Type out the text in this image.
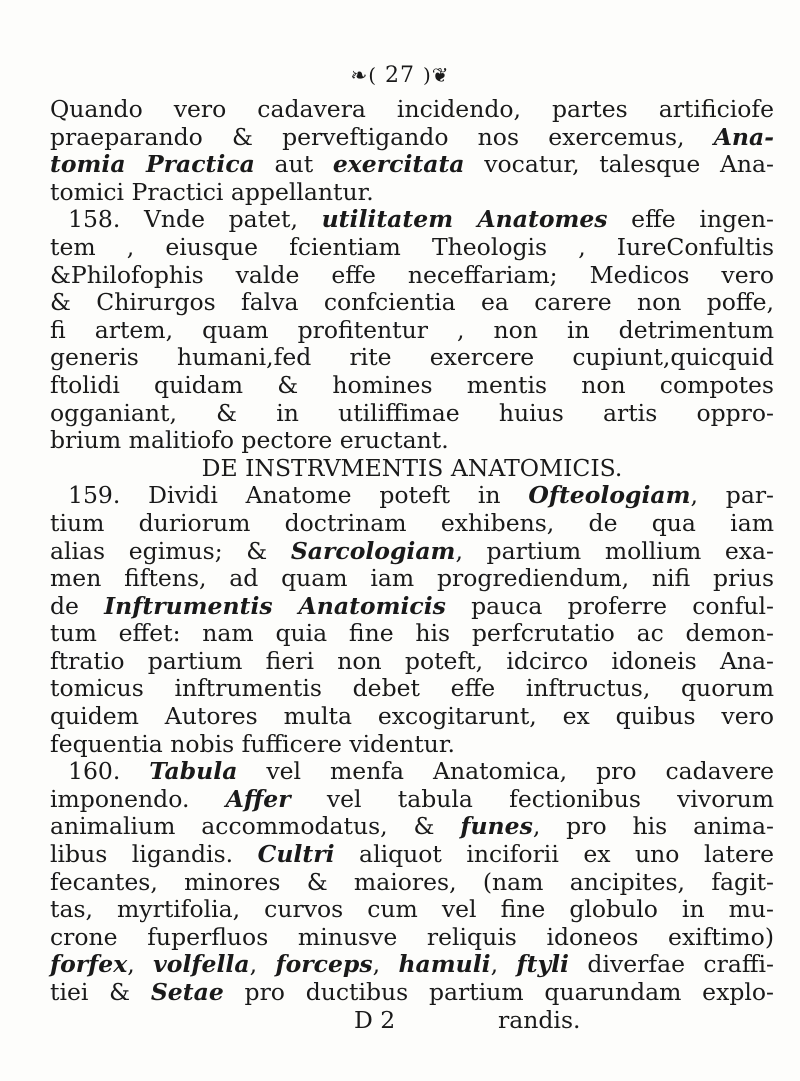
❧( 27 )❦
Quando vero cadavera incidendo, partes artificiofe
praeparando & perveftigando nos exercemus, Ana-
tomia Practica aut exercitata vocatur, talesque Ana-
tomici Practici appellantur.
158. Vnde patet, utilitatem Anatomes effe ingen-
tem , eiusque fcientiam Theologis , IureConfultis
&Philofophis valde effe neceffariam; Medicos vero
& Chirurgos falva confcientia ea carere non poffe,
fi artem, quam profitentur , non in detrimentum
generis humani,fed rite exercere cupiunt,quicquid
ftolidi quidam & homines mentis non compotes
ogganiant, & in utiliffimae huius artis oppro-
brium malitiofo pectore eructant.
DE INSTRVMENTIS ANATOMICIS.
159. Dividi Anatome poteft in Ofteologiam, par-
tium duriorum doctrinam exhibens, de qua iam
alias egimus; & Sarcologiam, partium mollium exa-
men fiftens, ad quam iam progrediendum, nifi prius
de Inftrumentis Anatomicis pauca proferre conful-
tum effet: nam quia fine his perfcrutatio ac demon-
ftratio partium fieri non poteft, idcirco idoneis Ana-
tomicus inftrumentis debet effe inftructus, quorum
quidem Autores multa excogitarunt, ex quibus vero
fequentia nobis fufficere videntur.
160. Tabula vel menfa Anatomica, pro cadavere
imponendo. Affer vel tabula fectionibus vivorum
animalium accommodatus, & funes, pro his anima-
libus ligandis. Cultri aliquot inciforii ex uno latere
fecantes, minores & maiores, (nam ancipites, fagit-
tas, myrtifolia, curvos cum vel fine globulo in mu-
crone fuperfluos minusve reliquis idoneos exiftimo)
forfex, volfella, forceps, hamuli, ftyli diverfae craffi-
tiei & Setae pro ductibus partium quarundam explo-
D 2	randis.
